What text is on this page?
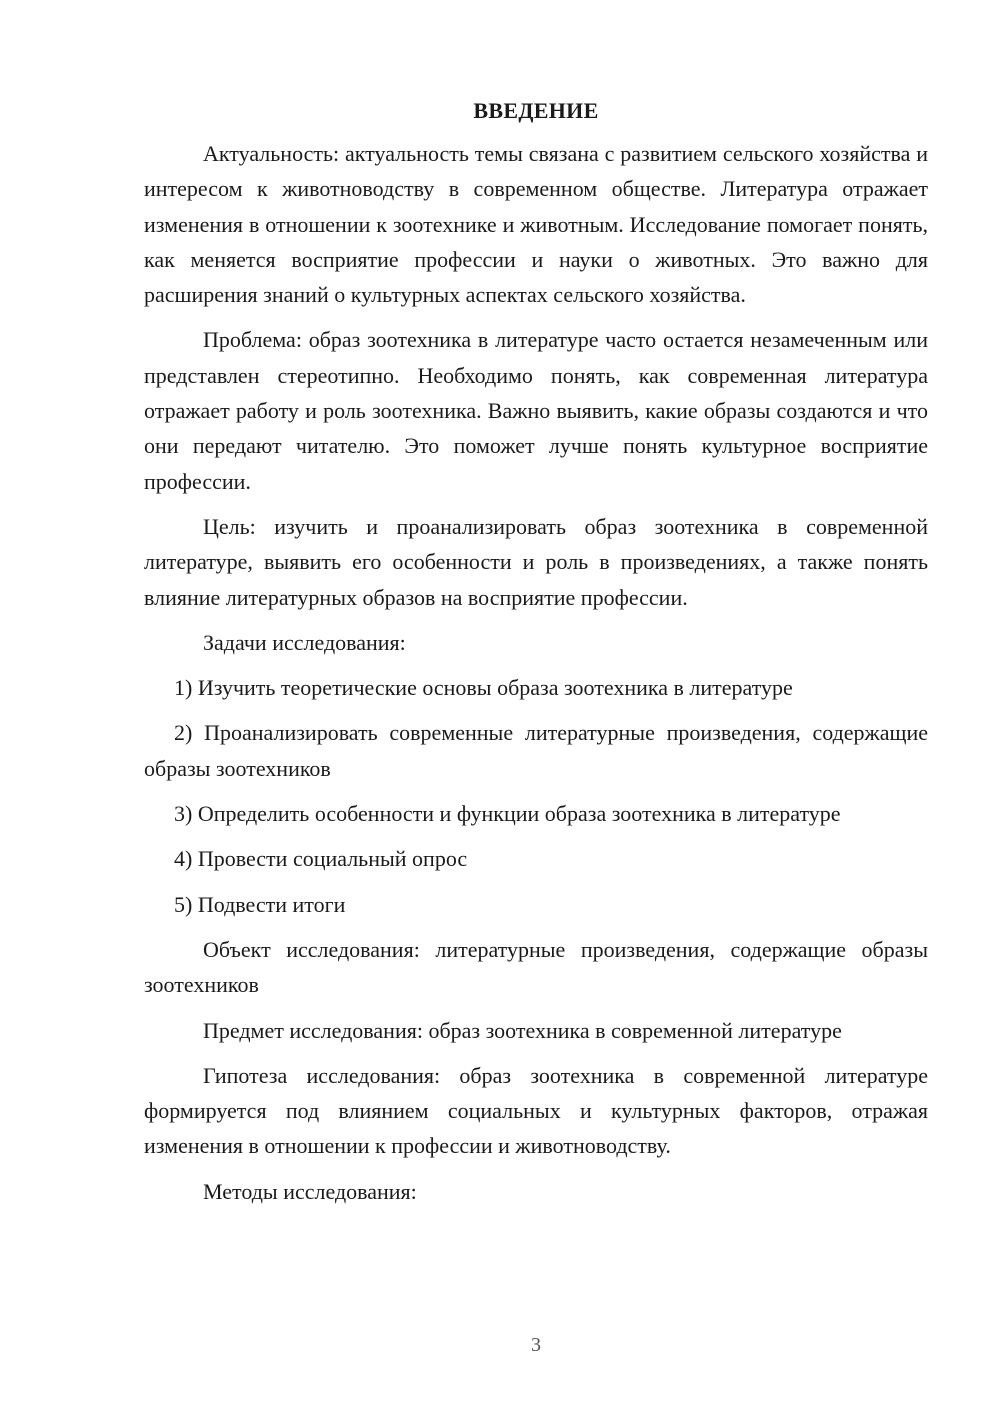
ВВЕДЕНИЕ

Актуальность: актуальность темы связана с развитием сельского хозяйства и интересом к животноводству в современном обществе. Литература отражает изменения в отношении к зоотехнике и животным. Исследование помогает понять, как меняется восприятие профессии и науки о животных. Это важно для расширения знаний о культурных аспектах сельского хозяйства.

Проблема: образ зоотехника в литературе часто остается незамеченным или представлен стереотипно. Необходимо понять, как современная литература отражает работу и роль зоотехника. Важно выявить, какие образы создаются и что они передают читателю. Это поможет лучше понять культурное восприятие профессии.

Цель: изучить и проанализировать образ зоотехника в современной литературе, выявить его особенности и роль в произведениях, а также понять влияние литературных образов на восприятие профессии.

Задачи исследования:

1) Изучить теоретические основы образа зоотехника в литературе

2) Проанализировать современные литературные произведения, содержащие образы зоотехников

3) Определить особенности и функции образа зоотехника в литературе

4) Провести социальный опрос

5) Подвести итоги

Объект исследования: литературные произведения, содержащие образы зоотехников

Предмет исследования: образ зоотехника в современной литературе

Гипотеза исследования: образ зоотехника в современной литературе формируется под влиянием социальных и культурных факторов, отражая изменения в отношении к профессии и животноводству.

Методы исследования:

3
